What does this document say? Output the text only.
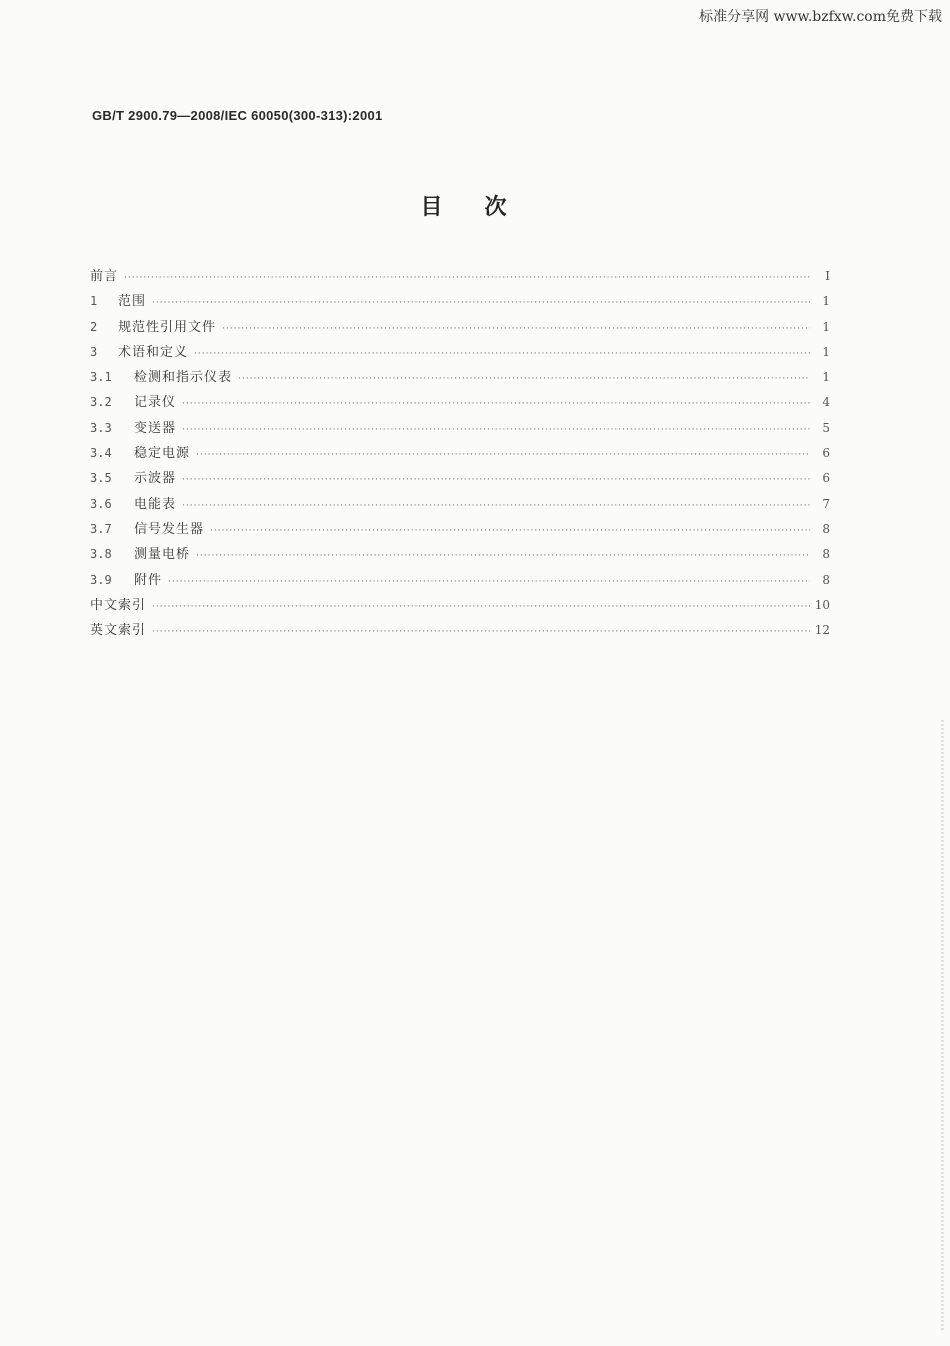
标准分享网 www.bzfxw.com免费下载
GB/T 2900.79—2008/IEC 60050(300-313):2001
目次
前言 ·····	I
1	范围 ·····	1
2	规范性引用文件 ·····	1
3	术语和定义 ·····	1
3.1	检测和指示仪表 ·····	1
3.2	记录仪 ·····	4
3.3	变送器 ·····	5
3.4	稳定电源 ·····	6
3.5	示波器 ·····	6
3.6	电能表 ·····	7
3.7	信号发生器 ·····	8
3.8	测量电桥 ·····	8
3.9	附件 ·····	8
中文索引 ·····	10
英文索引 ·····	12
